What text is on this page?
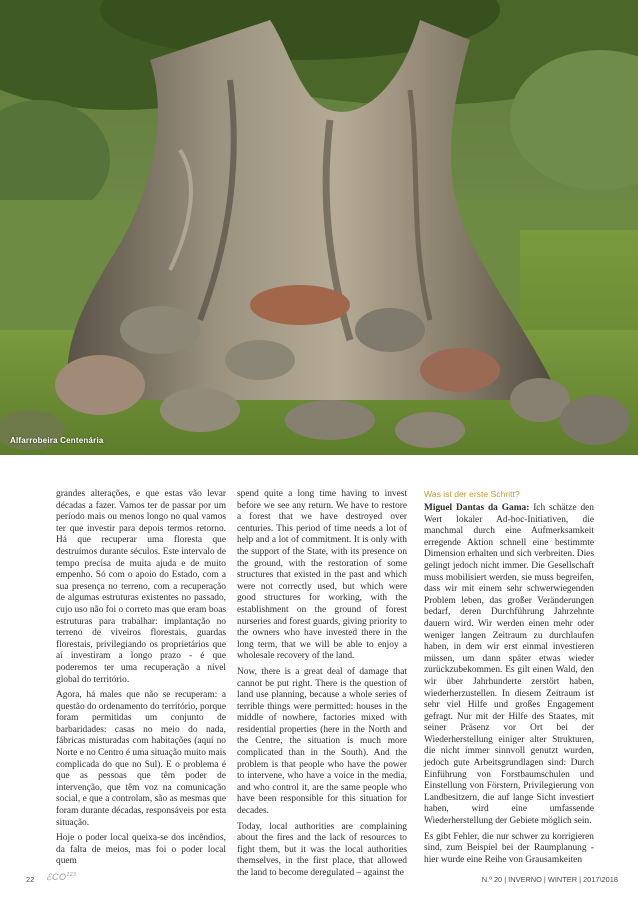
Alfarrobeira Centenária

grandes alterações, e que estas vão levar décadas a fazer. Vamos ter de passar por um período mais ou menos longo no qual vamos ter que investir para depois termos retorno. Há que recuperar uma floresta que destruímos durante séculos. Este intervalo de tempo precisa de muita ajuda e de muito empenho. Só com o apoio do Estado, com a sua presença no terreno, com a recuperação de algumas estruturas existentes no passado, cujo uso não foi o correto mas que eram boas estruturas para trabalhar: implantação no terreno de viveiros florestais, guardas florestais, privilegiando os proprietários que aí investiram a longo prazo - é que poderemos ter uma recuperação a nível global do território.

Agora, há males que não se recuperam: a questão do ordenamento do território, porque foram permitidas um conjunto de barbaridades: casas no meio do nada, fábricas misturadas com habitações (aqui no Norte e no Centro é uma situação muito mais complicada do que no Sul). E o problema é que as pessoas que têm poder de intervenção, que têm voz na comunicação social, e que a controlam, são as mesmas que foram durante décadas, responsáveis por esta situação.

Hoje o poder local queixa-se dos incêndios, da falta de meios, mas foi o poder local quem

spend quite a long time having to invest before we see any return. We have to restore a forest that we have destroyed over centuries. This period of time needs a lot of help and a lot of commitment. It is only with the support of the State, with its presence on the ground, with the restoration of some structures that existed in the past and which were not correctly used, but which were good structures for working, with the establishment on the ground of forest nurseries and forest guards, giving priority to the owners who have invested there in the long term, that we will be able to enjoy a wholesale recovery of the land.

Now, there is a great deal of damage that cannot be put right. There is the question of land use planning, because a whole series of terrible things were permitted: houses in the middle of nowhere, factories mixed with residential properties (here in the North and the Centre, the situation is much more complicated than in the South). And the problem is that people who have the power to intervene, who have a voice in the media, and who control it, are the same people who have been responsible for this situation for decades.

Today, local authorities are complaining about the fires and the lack of resources to fight them, but it was the local authorities themselves, in the first place, that allowed the land to become deregulated – against the

Was ist der erste Schritt?

Miguel Dantas da Gama: Ich schätze den Wert lokaler Ad-hoc-Initiativen, die manchmal durch eine Aufmerksamkeit erregende Aktion schnell eine bestimmte Dimension erhalten und sich verbreiten. Dies gelingt jedoch nicht immer. Die Gesellschaft muss mobilisiert werden, sie muss begreifen, dass wir mit einem sehr schwerwiegenden Problem leben, das großer Veränderungen bedarf, deren Durchführung Jahrzehnte dauern wird. Wir werden einen mehr oder weniger langen Zeitraum zu durchlaufen haben, in dem wir erst einmal investieren müssen, um dann später etwas wieder zurückzubekommen. Es gilt einen Wald, den wir über Jahrhunderte zerstört haben, wiederherzustellen. In diesem Zeitraum ist sehr viel Hilfe und großes Engagement gefragt. Nur mit der Hilfe des Staates, mit seiner Präsenz vor Ort bei der Wiederherstellung einiger alter Strukturen, die nicht immer sinnvoll genutzt wurden, jedoch gute Arbeitsgrundlagen sind: Durch Einführung von Forstbaumschulen und Einstellung von Förstern, Privilegierung von Landbesitzern, die auf lange Sicht investiert haben, wird eine umfassende Wiederherstellung der Gebiete möglich sein.

Es gibt Fehler, die nur schwer zu korrigieren sind, zum Beispiel bei der Raumplanung - hier wurde eine Reihe von Grausamkeiten

22 ℰCO$^{123}$	N.º 20 | INVERNO | WINTER | 2017\2018
